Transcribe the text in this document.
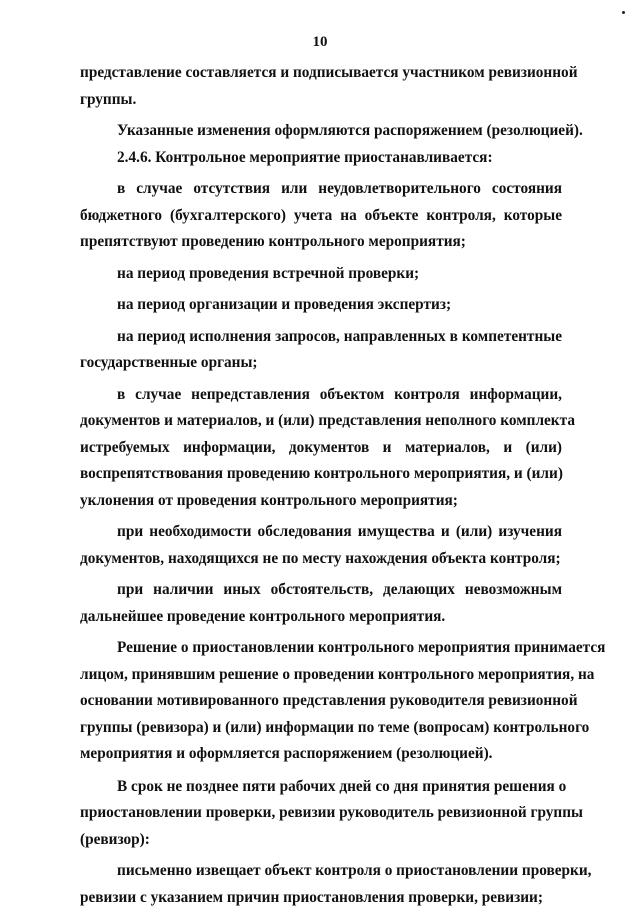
10
представление составляется и подписывается участником ревизионной
группы.
Указанные изменения оформляются распоряжением (резолюцией).
2.4.6. Контрольное мероприятие приостанавливается:
в случае отсутствия или неудовлетворительного состояния
бюджетного (бухгалтерского) учета на объекте контроля, которые
препятствуют проведению контрольного мероприятия;
на период проведения встречной проверки;
на период организации и проведения экспертиз;
на период исполнения запросов, направленных в компетентные
государственные органы;
в случае непредставления объектом контроля информации,
документов и материалов, и (или) представления неполного комплекта
истребуемых информации, документов и материалов, и (или)
воспрепятствования проведению контрольного мероприятия, и (или)
уклонения от проведения контрольного мероприятия;
при необходимости обследования имущества и (или) изучения
документов, находящихся не по месту нахождения объекта контроля;
при наличии иных обстоятельств, делающих невозможным
дальнейшее проведение контрольного мероприятия.
Решение о приостановлении контрольного мероприятия принимается
лицом, принявшим решение о проведении контрольного мероприятия, на
основании мотивированного представления руководителя ревизионной
группы (ревизора) и (или) информации по теме (вопросам) контрольного
мероприятия и оформляется распоряжением (резолюцией).
В срок не позднее пяти рабочих дней со дня принятия решения о
приостановлении проверки, ревизии руководитель ревизионной группы
(ревизор):
письменно извещает объект контроля о приостановлении проверки,
ревизии с указанием причин приостановления проверки, ревизии;
